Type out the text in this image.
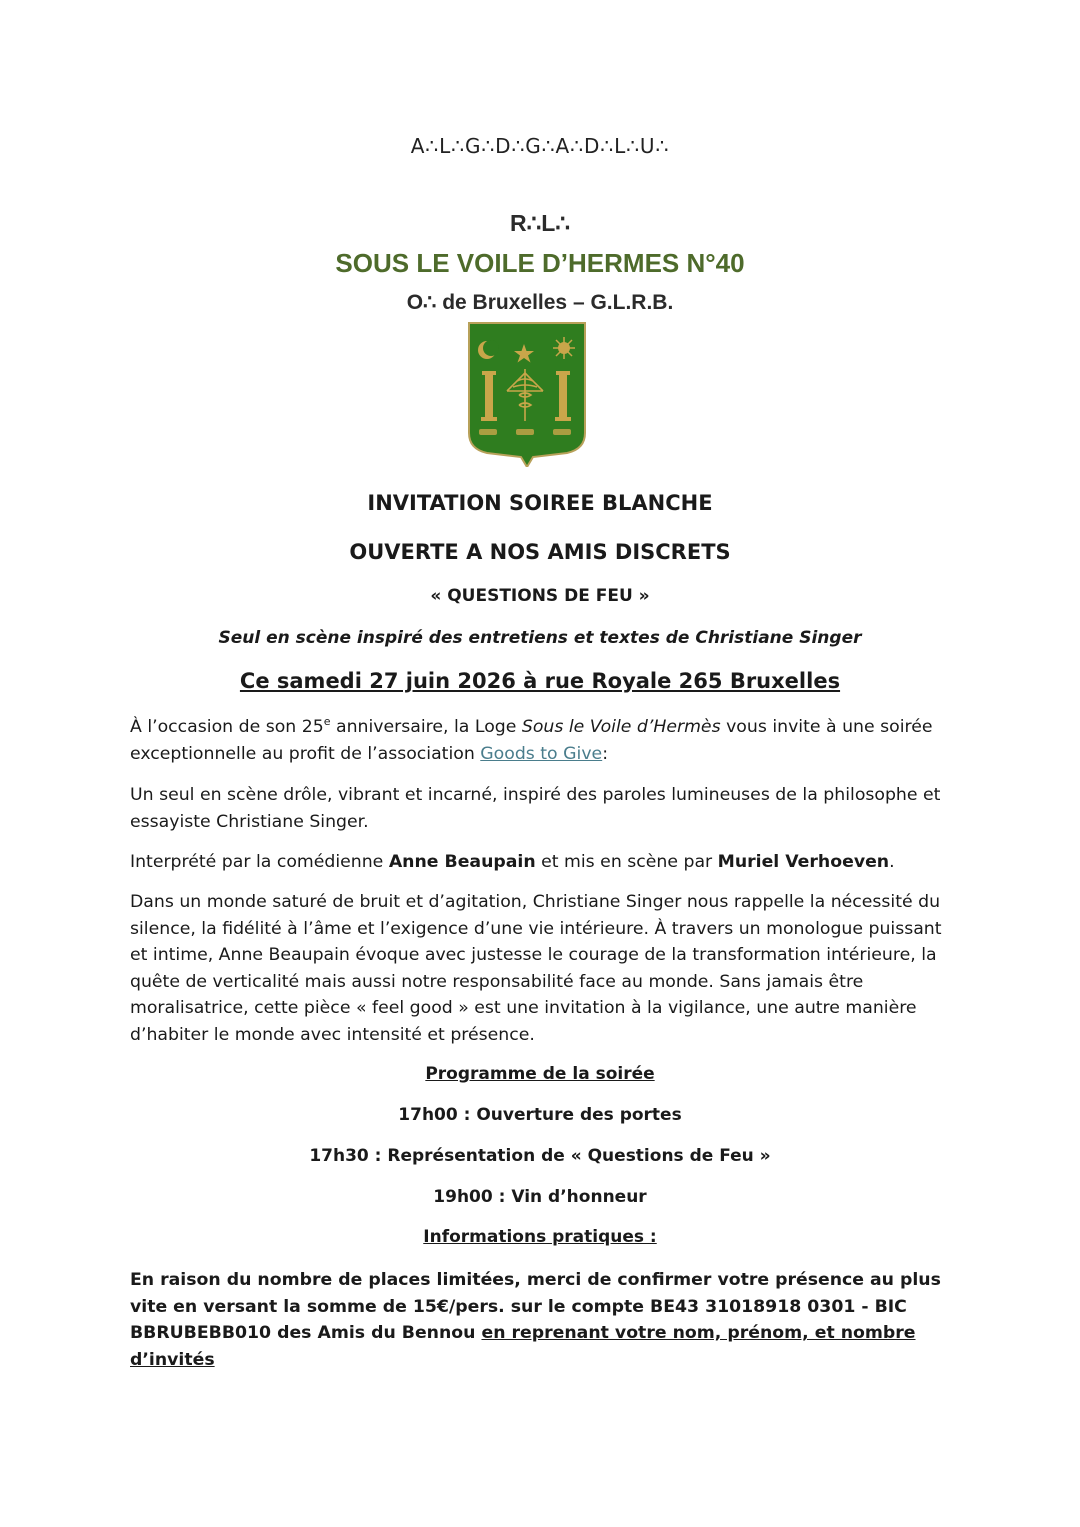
A∴L∴G∴D∴G∴A∴D∴L∴U∴
R∴L∴
SOUS LE VOILE D’HERMES N°40
O∴ de Bruxelles – G.L.R.B.
INVITATION SOIREE BLANCHE
OUVERTE A NOS AMIS DISCRETS
« QUESTIONS DE FEU »
Seul en scène inspiré des entretiens et textes de Christiane Singer
Ce samedi 27 juin 2026 à rue Royale 265 Bruxelles
À l’occasion de son 25e anniversaire, la Loge Sous le Voile d’Hermès vous invite à une soirée exceptionnelle au profit de l’association Goods to Give:
Un seul en scène drôle, vibrant et incarné, inspiré des paroles lumineuses de la philosophe et essayiste Christiane Singer.
Interprété par la comédienne Anne Beaupain et mis en scène par Muriel Verhoeven.
Dans un monde saturé de bruit et d’agitation, Christiane Singer nous rappelle la nécessité du silence, la fidélité à l’âme et l’exigence d’une vie intérieure. À travers un monologue puissant et intime, Anne Beaupain évoque avec justesse le courage de la transformation intérieure, la quête de verticalité mais aussi notre responsabilité face au monde. Sans jamais être moralisatrice, cette pièce « feel good » est une invitation à la vigilance, une autre manière d’habiter le monde avec intensité et présence.
Programme de la soirée
17h00 : Ouverture des portes
17h30 : Représentation de « Questions de Feu »
19h00 : Vin d’honneur
Informations pratiques :
En raison du nombre de places limitées, merci de confirmer votre présence au plus vite en versant la somme de 15€/pers. sur le compte BE43 31018918 0301 - BIC BBRUBEBB010 des Amis du Bennou en reprenant votre nom, prénom, et nombre d’invités
